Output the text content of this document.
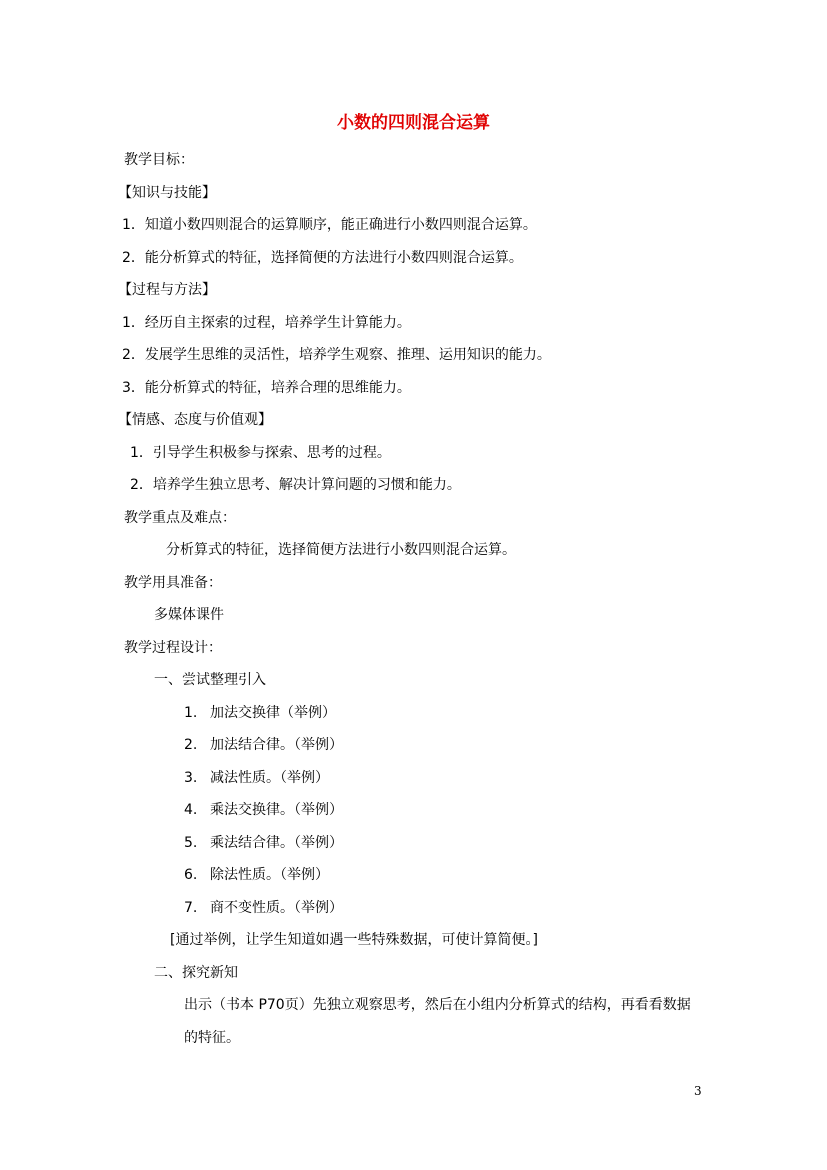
小数的四则混合运算
教学目标：
【知识与技能】
1．知道小数四则混合的运算顺序，能正确进行小数四则混合运算。
2．能分析算式的特征，选择简便的方法进行小数四则混合运算。
【过程与方法】
1．经历自主探索的过程，培养学生计算能力。
2．发展学生思维的灵活性，培养学生观察、推理、运用知识的能力。
3．能分析算式的特征，培养合理的思维能力。
【情感、态度与价值观】
1．引导学生积极参与探索、思考的过程。
2．培养学生独立思考、解决计算问题的习惯和能力。
教学重点及难点：
分析算式的特征，选择简便方法进行小数四则混合运算。
教学用具准备：
多媒体课件
教学过程设计：
一、尝试整理引入
1. 加法交换律（举例）
2. 加法结合律。（举例）
3. 减法性质。（举例）
4. 乘法交换律。（举例）
5. 乘法结合律。（举例）
6. 除法性质。（举例）
7. 商不变性质。（举例）
[通过举例，让学生知道如遇一些特殊数据，可使计算简便。]
二、探究新知
出示（书本 P70页）先独立观察思考，然后在小组内分析算式的结构，再看看数据
的特征。
3
